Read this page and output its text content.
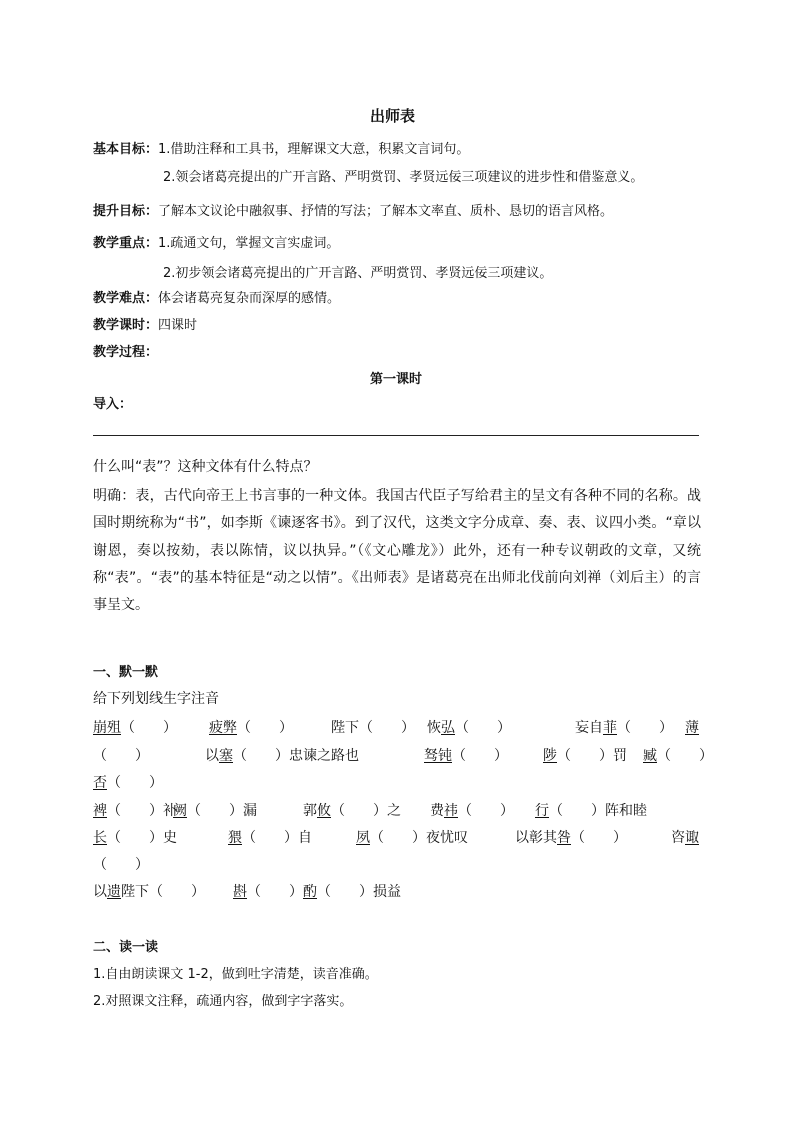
出师表
基本目标：1.借助注释和工具书，理解课文大意，积累文言词句。
2.领会诸葛亮提出的广开言路、严明赏罚、孝贤远佞三项建议的进步性和借鉴意义。
提升目标：了解本文议论中融叙事、抒情的写法；了解本文率直、质朴、恳切的语言风格。
教学重点：1.疏通文句，掌握文言实虚词。
2.初步领会诸葛亮提出的广开言路、严明赏罚、孝贤远佞三项建议。
教学难点：体会诸葛亮复杂而深厚的感情。
教学课时：四课时
教学过程：
第一课时
导入：
什么叫“表”？这种文体有什么特点？
明确：表，古代向帝王上书言事的一种文体。我国古代臣子写给君主的呈文有各种不同的名称。战国时期统称为“书”，如李斯《谏逐客书》。到了汉代，这类文字分成章、奏、表、议四小类。“章以谢恩，奏以按劾，表以陈情，议以执异。”（《文心雕龙》）此外，还有一种专议朝政的文章，又统称“表”。“表”的基本特征是“动之以情”。《出师表》是诸葛亮在出师北伐前向刘禅（刘后主）的言事呈文。
一、默一默
给下列划线生字注音
崩殂（　　） 疲弊（　　）	陛下（　　） 恢弘（　　）	妄自菲（　　） 薄
（　　）	以塞（　　）忠谏之路也	驽钝（　　）	陟（　　）罚 臧（　　）
否（　　）
裨（　　）补
阙（　　）漏	郭攸（　　）之 费祎（　　） 行（　　）阵和睦
长（　　）史	猥（　　）自	夙（　　）夜忧叹	以彰其咎（　　）	咨诹
（　　）
以遗陛下（　　） 斟（　　） 酌（　　）损益
二、读一读
1.自由朗读课文 1-2，做到吐字清楚，读音准确。
2.对照课文注释，疏通内容，做到字字落实。
